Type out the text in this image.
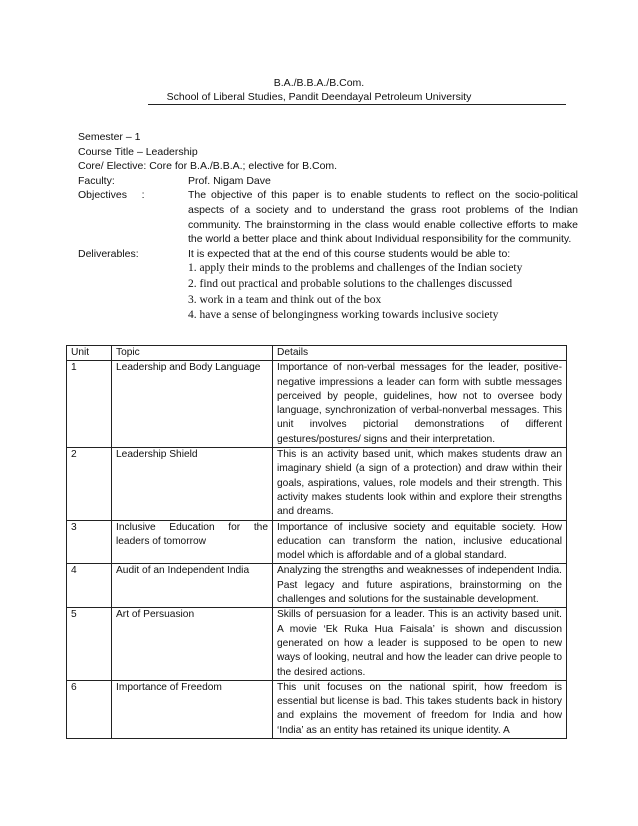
B.A./B.B.A./B.Com.
School of Liberal Studies, Pandit Deendayal Petroleum University
Semester – 1
Course Title – Leadership
Core/ Elective: Core for B.A./B.B.A.; elective for B.Com.
Faculty:	Prof. Nigam Dave
Objectives     :	The objective of this paper is to enable students to reflect on the socio-political aspects of a society and to understand the grass root problems of the Indian community. The brainstorming in the class would enable collective efforts to make the world a better place and think about Individual responsibility for the community.
Deliverables:	It is expected that at the end of this course students would be able to:
1. apply their minds to the problems and challenges of the Indian society
2. find out practical and probable solutions to the challenges discussed
3. work in a team and think out of the box
4. have a sense of belongingness working towards inclusive society
Unit	Topic	Details
1	Leadership and Body Language	Importance of non-verbal messages for the leader, positive-negative impressions a leader can form with subtle messages perceived by people, guidelines, how not to oversee body language, synchronization of verbal-nonverbal messages. This unit involves pictorial demonstrations of different gestures/postures/ signs and their interpretation.
2	Leadership Shield	This is an activity based unit, which makes students draw an imaginary shield (a sign of a protection) and draw within their goals, aspirations, values, role models and their strength. This activity makes students look within and explore their strengths and dreams.
3	Inclusive Education for the leaders of tomorrow	Importance of inclusive society and equitable society. How education can transform the nation, inclusive educational model which is affordable and of a global standard.
4	Audit of an Independent India	Analyzing the strengths and weaknesses of independent India. Past legacy and future aspirations, brainstorming on the challenges and solutions for the sustainable development.
5	Art of Persuasion	Skills of persuasion for a leader. This is an activity based unit. A movie ‘Ek Ruka Hua Faisala’ is shown and discussion generated on how a leader is supposed to be open to new ways of looking, neutral and how the leader can drive people to the desired actions.
6	Importance of Freedom	This unit focuses on the national spirit, how freedom is essential but license is bad. This takes students back in history and explains the movement of freedom for India and how ‘India’ as an entity has retained its unique identity. A
